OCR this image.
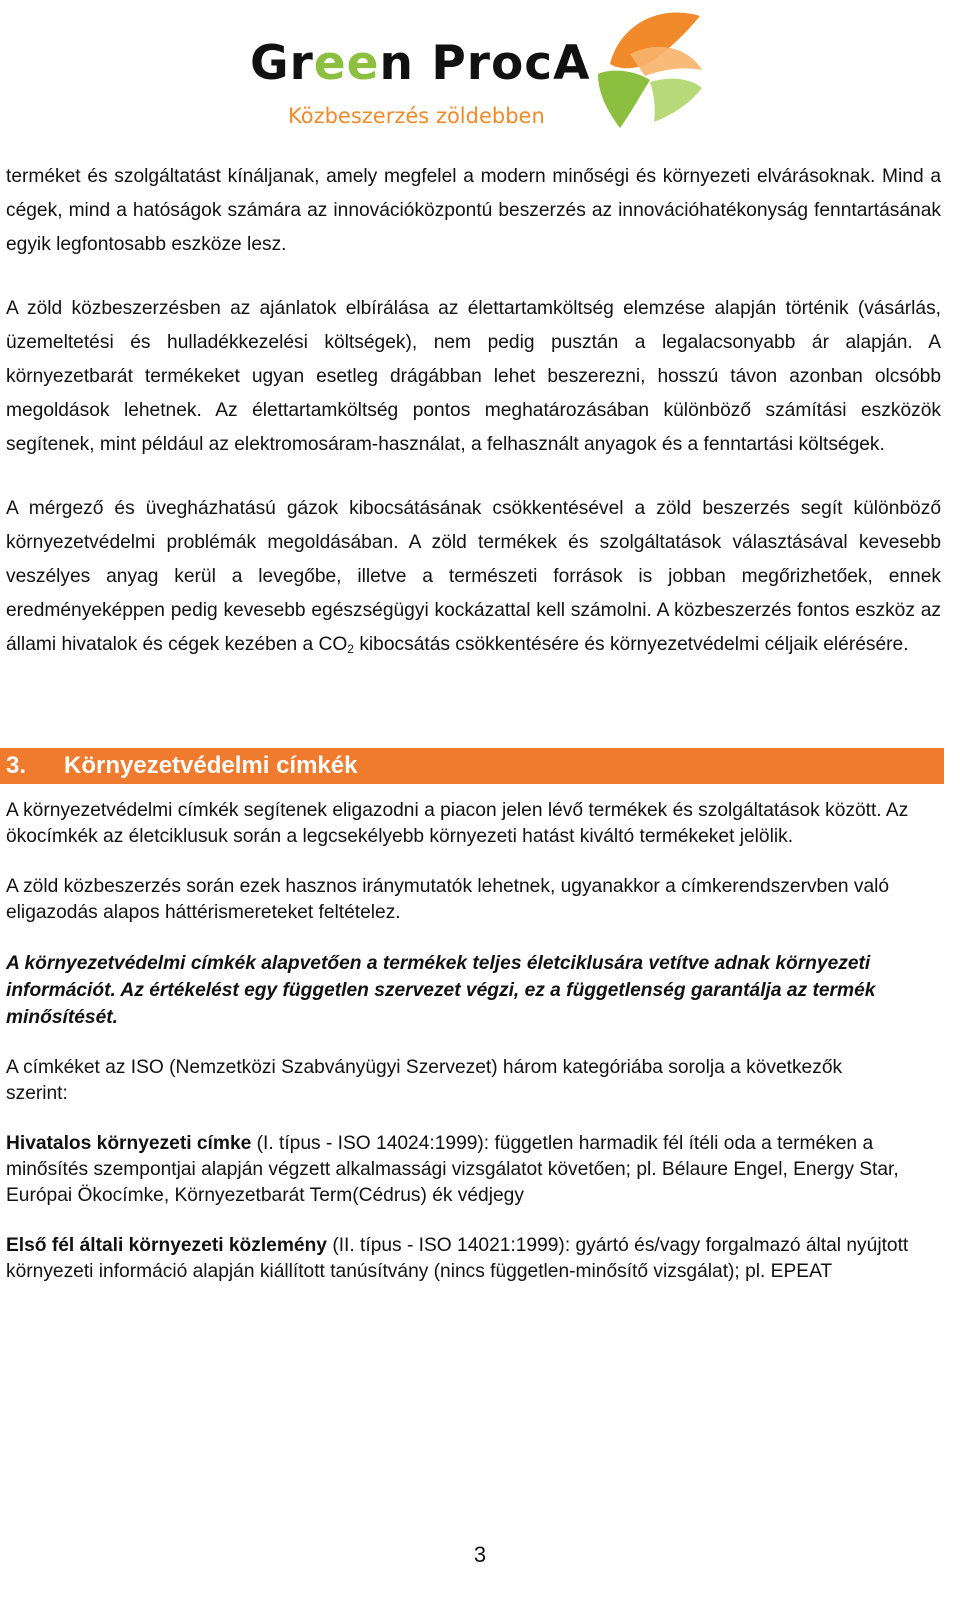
Green ProcA
Közbeszerzés zöldebben

terméket és szolgáltatást kínáljanak, amely megfelel a modern minőségi és környezeti elvárásoknak. Mind a cégek, mind a hatóságok számára az innovációközpontú beszerzés az innovációhatékonyság fenntartásának egyik legfontosabb eszköze lesz.

A zöld közbeszerzésben az ajánlatok elbírálása az élettartamköltség elemzése alapján történik (vásárlás, üzemeltetési és hulladékkezelési költségek), nem pedig pusztán a legalacsonyabb ár alapján. A környezetbarát termékeket ugyan esetleg drágábban lehet beszerezni, hosszú távon azonban olcsóbb megoldások lehetnek. Az élettartamköltség pontos meghatározásában különböző számítási eszközök segítenek, mint például az elektromosáram-használat, a felhasznált anyagok és a fenntartási költségek.

A mérgező és üvegházhatású gázok kibocsátásának csökkentésével a zöld beszerzés segít különböző környezetvédelmi problémák megoldásában. A zöld termékek és szolgáltatások választásával kevesebb veszélyes anyag kerül a levegőbe, illetve a természeti források is jobban megőrizhetőek, ennek eredményeképpen pedig kevesebb egészségügyi kockázattal kell számolni. A közbeszerzés fontos eszköz az állami hivatalok és cégek kezében a $CO_2$ kibocsátás csökkentésére és környezetvédelmi céljaik elérésére.

3. Környezetvédelmi címkék

A környezetvédelmi címkék segítenek eligazodni a piacon jelen lévő termékek és szolgáltatások között. Az ökocímkék az életciklusuk során a legcsekélyebb környezeti hatást kiváltó termékeket jelölik.

A zöld közbeszerzés során ezek hasznos iránymutatók lehetnek, ugyanakkor a címkerendszervben való eligazodás alapos háttérismereteket feltételez.

A környezetvédelmi címkék alapvetően a termékek teljes életciklusára vetítve adnak környezeti információt. Az értékelést egy független szervezet végzi, ez a függetlenség garantálja az termék minősítését.

A címkéket az ISO (Nemzetközi Szabványügyi Szervezet) három kategóriába sorolja a következők
szerint:

Hivatalos környezeti címke (I. típus - ISO 14024:1999): független harmadik fél ítéli oda a terméken a minősítés szempontjai alapján végzett alkalmassági vizsgálatot követően; pl. Bélaure Engel, Energy Star, Európai Ökocímke, Környezetbarát Term(Cédrus) ék védjegy

Első fél általi környezeti közlemény (II. típus - ISO 14021:1999): gyártó és/vagy forgalmazó által nyújtott környezeti információ alapján kiállított tanúsítvány (nincs független-minősítő vizsgálat); pl. EPEAT

3
